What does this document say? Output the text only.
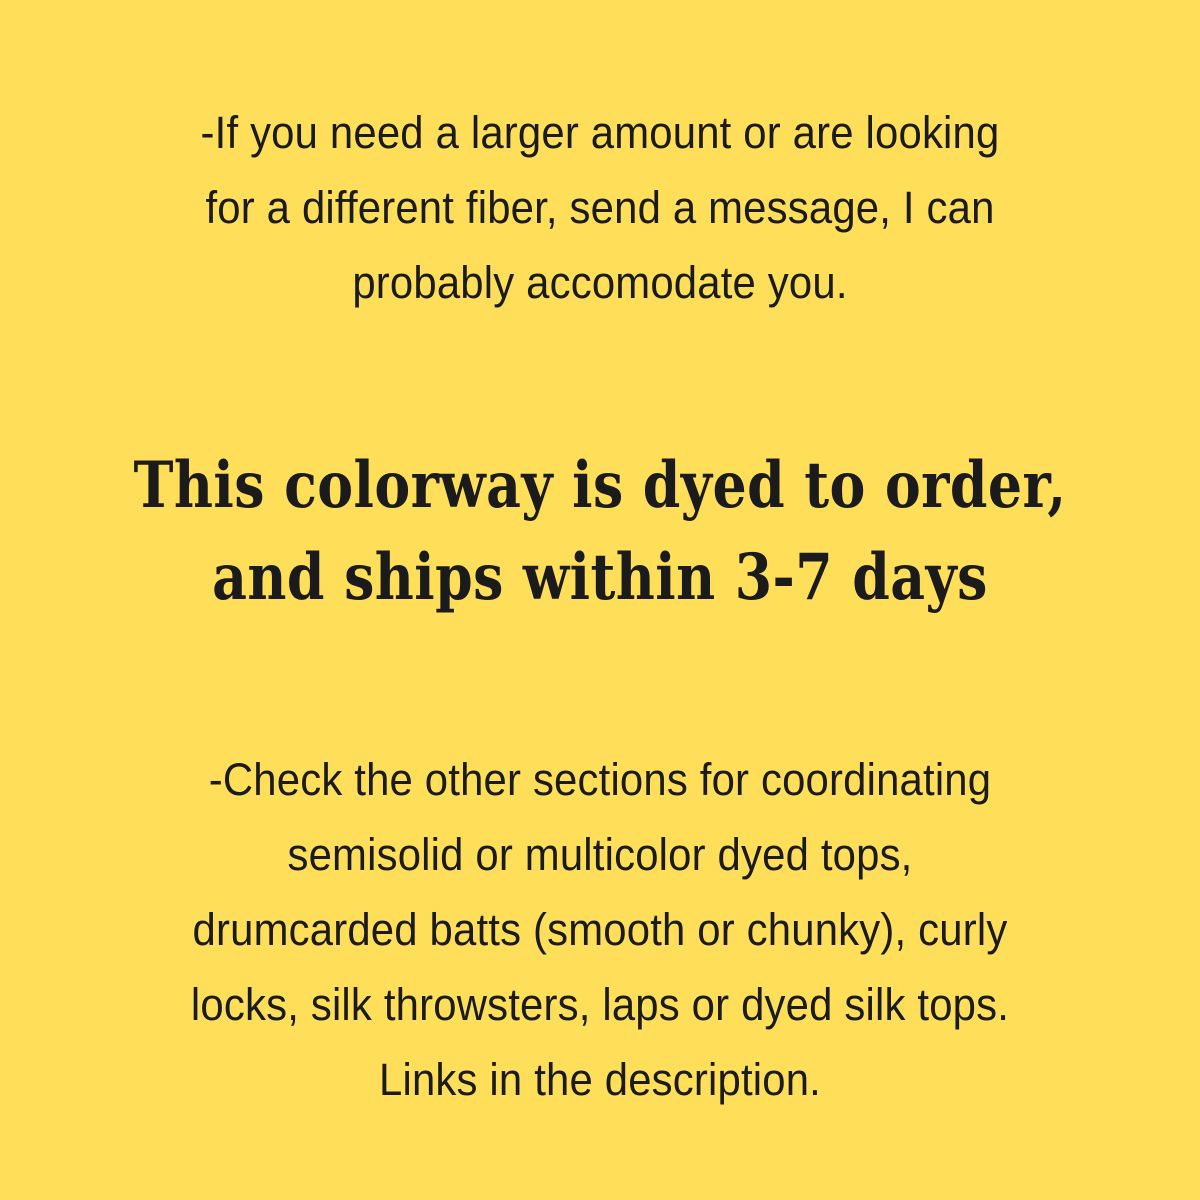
-If you need a larger amount or are looking
for a different fiber, send a message, I can
probably accomodate you.
This colorway is dyed to order,
and ships within 3-7 days
-Check the other sections for coordinating
semisolid or multicolor dyed tops,
drumcarded batts (smooth or chunky), curly
locks, silk throwsters, laps or dyed silk tops.
Links in the description.
